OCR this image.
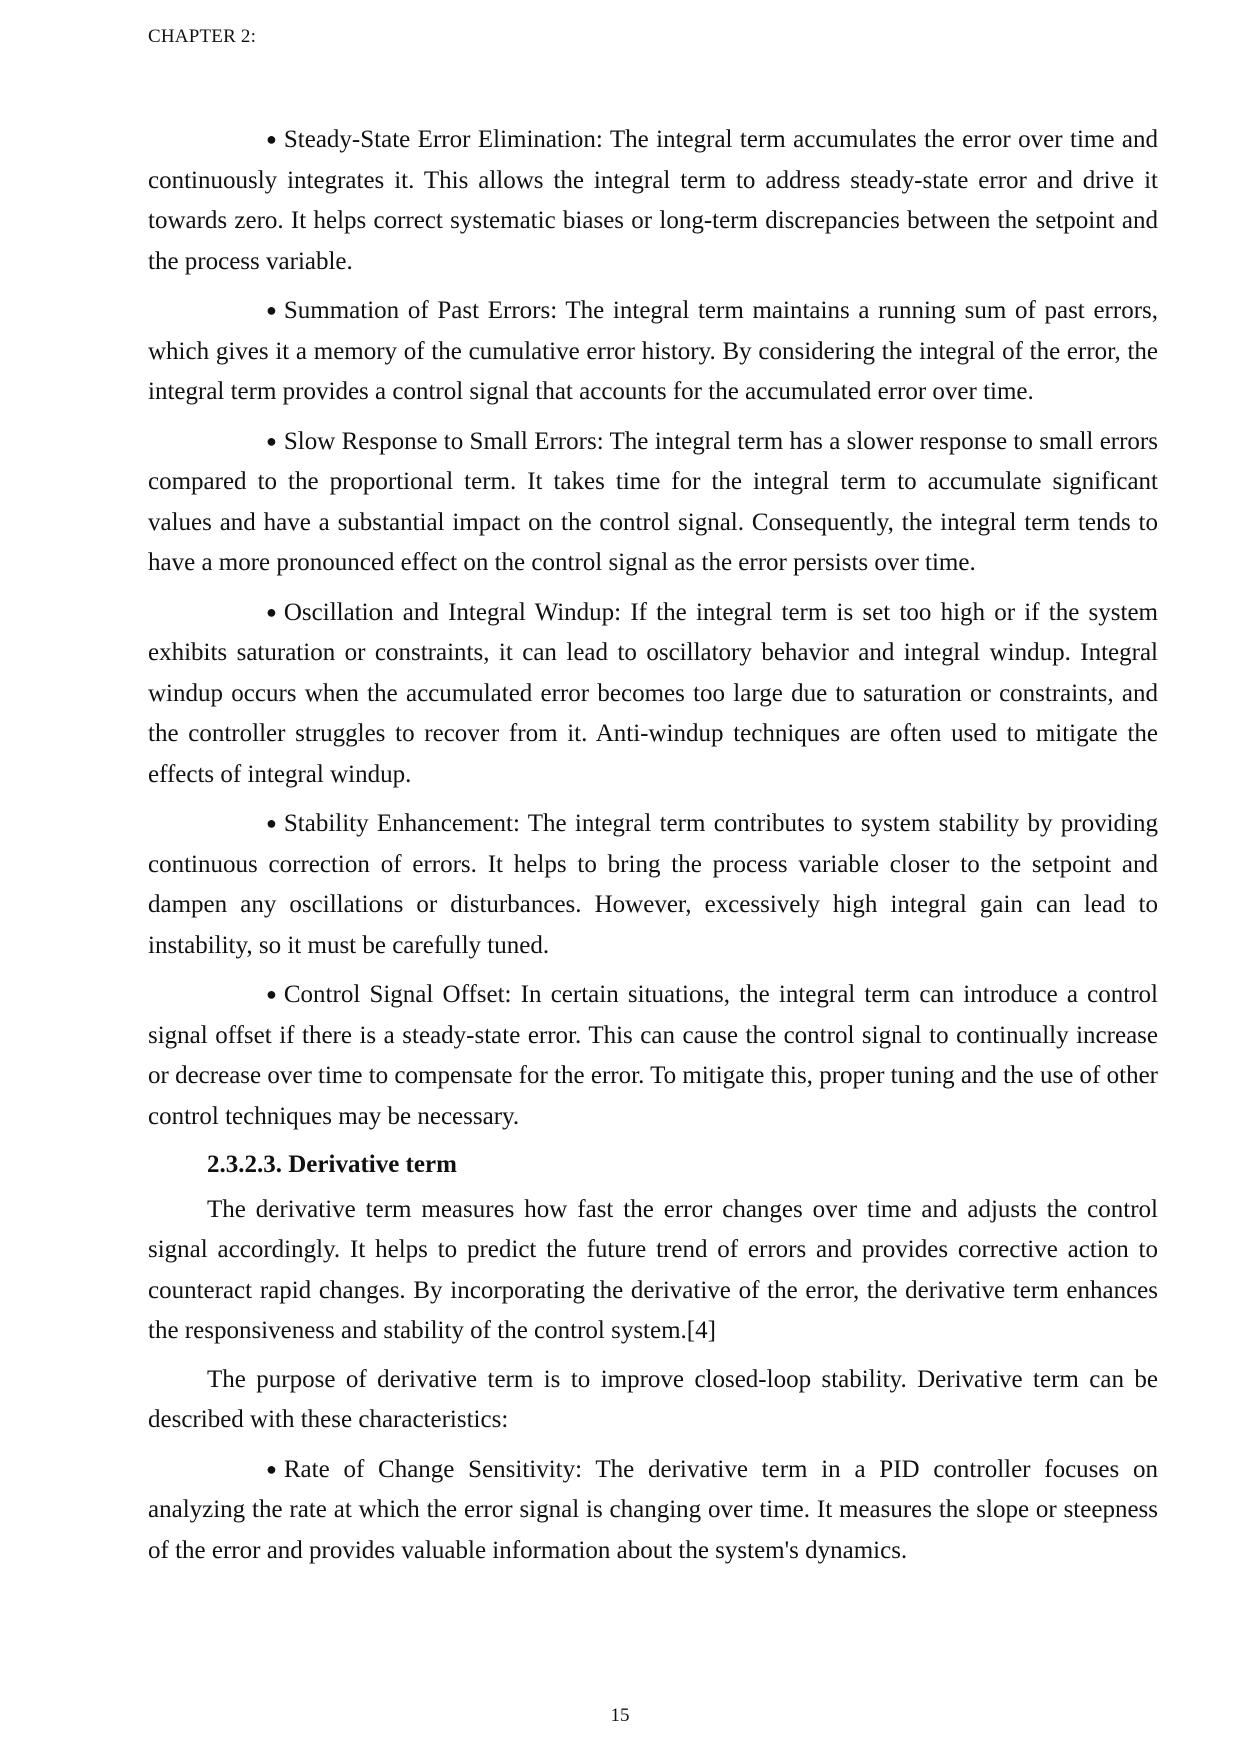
CHAPTER 2:

● Steady-State Error Elimination: The integral term accumulates the error over time and continuously integrates it. This allows the integral term to address steady-state error and drive it towards zero. It helps correct systematic biases or long-term discrepancies between the setpoint and the process variable.

● Summation of Past Errors: The integral term maintains a running sum of past errors, which gives it a memory of the cumulative error history. By considering the integral of the error, the integral term provides a control signal that accounts for the accumulated error over time.

● Slow Response to Small Errors: The integral term has a slower response to small errors compared to the proportional term. It takes time for the integral term to accumulate significant values and have a substantial impact on the control signal. Consequently, the integral term tends to have a more pronounced effect on the control signal as the error persists over time.

● Oscillation and Integral Windup: If the integral term is set too high or if the system exhibits saturation or constraints, it can lead to oscillatory behavior and integral windup. Integral windup occurs when the accumulated error becomes too large due to saturation or constraints, and the controller struggles to recover from it. Anti-windup techniques are often used to mitigate the effects of integral windup.

● Stability Enhancement: The integral term contributes to system stability by providing continuous correction of errors. It helps to bring the process variable closer to the setpoint and dampen any oscillations or disturbances. However, excessively high integral gain can lead to instability, so it must be carefully tuned.

● Control Signal Offset: In certain situations, the integral term can introduce a control signal offset if there is a steady-state error. This can cause the control signal to continually increase or decrease over time to compensate for the error. To mitigate this, proper tuning and the use of other control techniques may be necessary.

2.3.2.3. Derivative term

The derivative term measures how fast the error changes over time and adjusts the control signal accordingly. It helps to predict the future trend of errors and provides corrective action to counteract rapid changes. By incorporating the derivative of the error, the derivative term enhances the responsiveness and stability of the control system.[4]

The purpose of derivative term is to improve closed-loop stability. Derivative term can be described with these characteristics:

● Rate of Change Sensitivity: The derivative term in a PID controller focuses on analyzing the rate at which the error signal is changing over time. It measures the slope or steepness of the error and provides valuable information about the system's dynamics.

15
